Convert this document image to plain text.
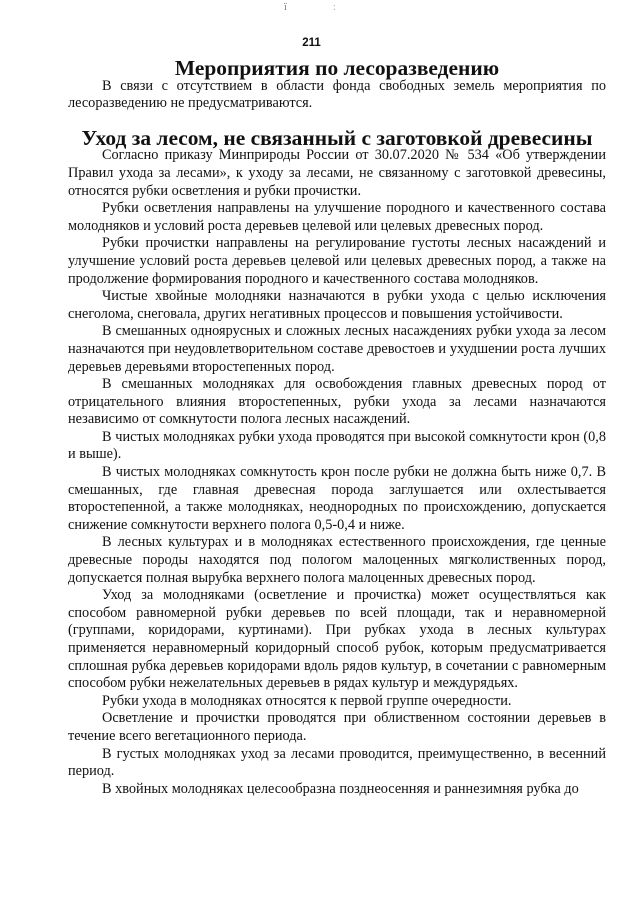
ї	:
211
Мероприятия по лесоразведению

В связи с отсутствием в области фонда свободных земель мероприятия по лесоразведению не предусматриваются.

Уход за лесом, не связанный с заготовкой древесины

Согласно приказу Минприроды России от 30.07.2020 № 534 «Об утверждении Правил ухода за лесами», к уходу за лесами, не связанному с заготовкой древесины, относятся рубки осветления и рубки прочистки.

Рубки осветления направлены на улучшение породного и качественного состава молодняков и условий роста деревьев целевой или целевых древесных пород.

Рубки прочистки направлены на регулирование густоты лесных насаждений и улучшение условий роста деревьев целевой или целевых древесных пород, а также на продолжение формирования породного и качественного состава молодняков.

Чистые хвойные молодняки назначаются в рубки ухода с целью исключения снеголома, снеговала, других негативных процессов и повышения устойчивости.

В смешанных одноярусных и сложных лесных насаждениях рубки ухода за лесом назначаются при неудовлетворительном составе древостоев и ухудшении роста лучших деревьев деревьями второстепенных пород.

В смешанных молодняках для освобождения главных древесных пород от отрицательного влияния второстепенных, рубки ухода за лесами назначаются независимо от сомкнутости полога лесных насаждений.

В чистых молодняках рубки ухода проводятся при высокой сомкнутости крон (0,8 и выше).

В чистых молодняках сомкнутость крон после рубки не должна быть ниже 0,7. В смешанных, где главная древесная порода заглушается или охлестывается второстепенной, а также молодняках, неоднородных по происхождению, допускается снижение сомкнутости верхнего полога 0,5-0,4 и ниже.

В лесных культурах и в молодняках естественного происхождения, где ценные древесные породы находятся под пологом малоценных мягколиственных пород, допускается полная вырубка верхнего полога малоценных древесных пород.

Уход за молодняками (осветление и прочистка) может осуществляться как способом равномерной рубки деревьев по всей площади, так и неравномерной (группами, коридорами, куртинами). При рубках ухода в лесных культурах применяется неравномерный коридорный способ рубок, которым предусматривается сплошная рубка деревьев коридорами вдоль рядов культур, в сочетании с равномерным способом рубки нежелательных деревьев в рядах культур и междурядьях.

Рубки ухода в молодняках относятся к первой группе очередности.

Осветление и прочистки проводятся при облиственном состоянии деревьев в течение всего вегетационного периода.

В густых молодняках уход за лесами проводится, преимущественно, в весенний период.

В хвойных молодняках целесообразна позднеосенняя и раннезимняя рубка до
